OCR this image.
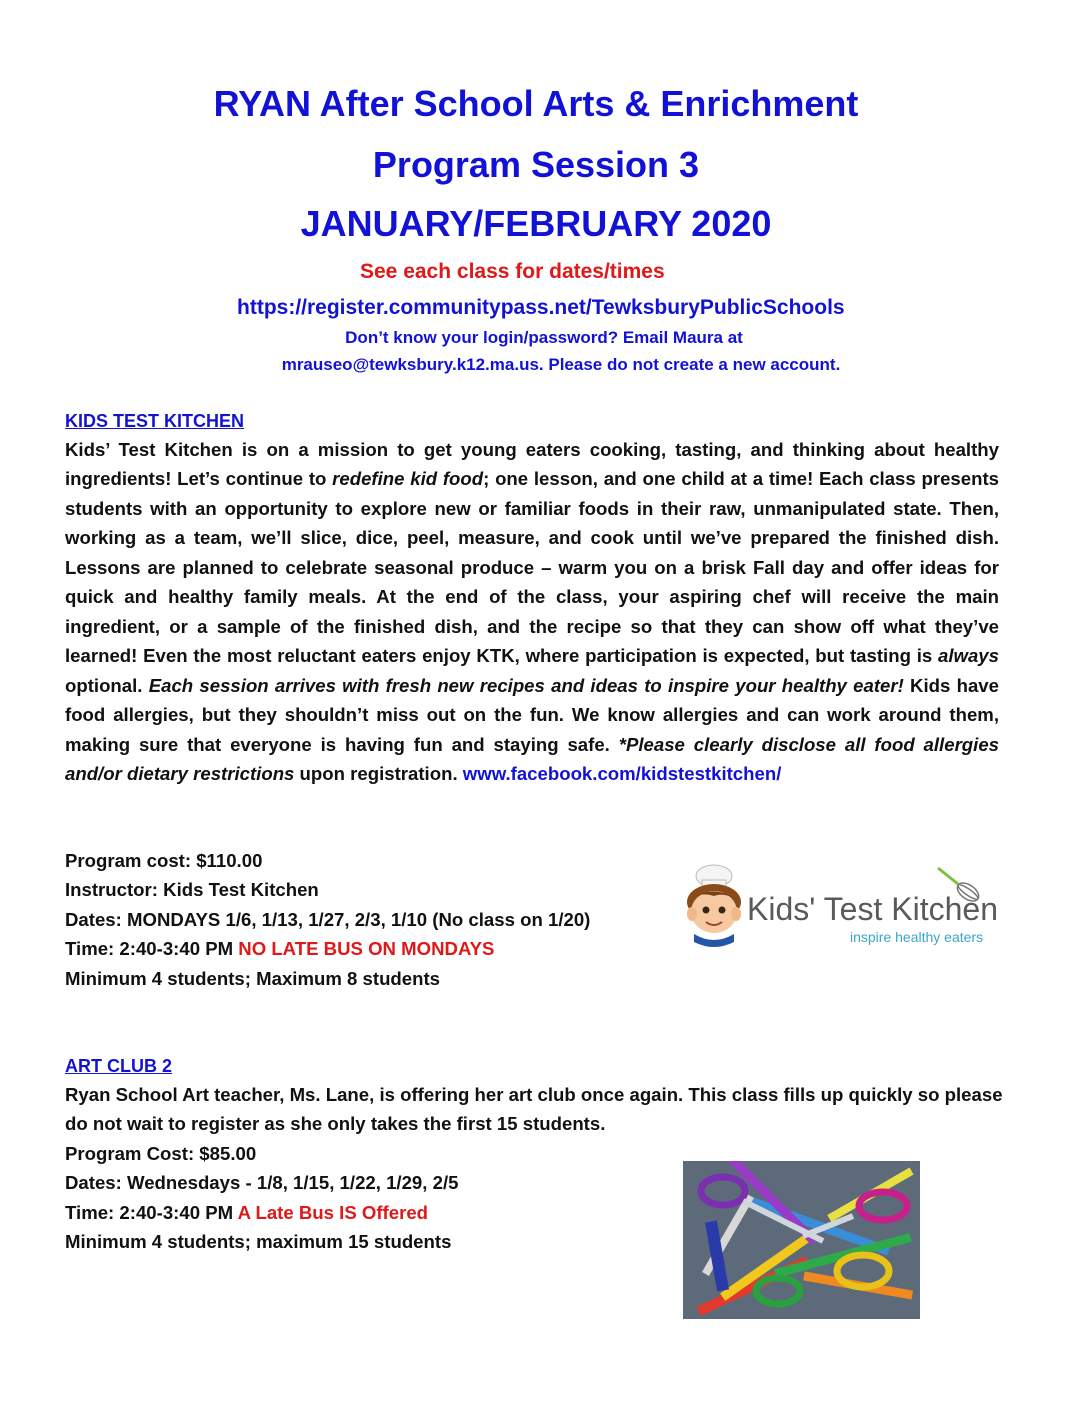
RYAN After School Arts & Enrichment
Program Session 3
JANUARY/FEBRUARY 2020
See each class for dates/times
https://register.communitypass.net/TewksburyPublicSchools
Don’t know your login/password? Email Maura at
mrauseo@tewksbury.k12.ma.us. Please do not create a new account.
KIDS TEST KITCHEN

Kids’ Test Kitchen is on a mission to get young eaters cooking, tasting, and thinking about healthy ingredients! Let’s continue to redefine kid food; one lesson, and one child at a time! Each class presents students with an opportunity to explore new or familiar foods in their raw, unmanipulated state. Then, working as a team, we’ll slice, dice, peel, measure, and cook until we’ve prepared the finished dish. Lessons are planned to celebrate seasonal produce – warm you on a brisk Fall day and offer ideas for quick and healthy family meals. At the end of the class, your aspiring chef will receive the main ingredient, or a sample of the finished dish, and the recipe so that they can show off what they’ve learned! Even the most reluctant eaters enjoy KTK, where participation is expected, but tasting is always optional. Each session arrives with fresh new recipes and ideas to inspire your healthy eater! Kids have food allergies, but they shouldn’t miss out on the fun. We know allergies and can work around them, making sure that everyone is having fun and staying safe. *Please clearly disclose all food allergies and/or dietary restrictions upon registration. www.facebook.com/kidstestkitchen/

Program cost: $110.00
Instructor: Kids Test Kitchen
Dates: MONDAYS 1/6, 1/13, 1/27, 2/3, 1/10 (No class on 1/20)
Time: 2:40-3:40 PM NO LATE BUS ON MONDAYS
Minimum 4 students; Maximum 8 students
Kids' Test Kitchen
inspire healthy eaters
ART CLUB 2

Ryan School Art teacher, Ms. Lane, is offering her art club once again. This class fills up quickly so please do not wait to register as she only takes the first 15 students.

Program Cost: $85.00
Dates: Wednesdays - 1/8, 1/15, 1/22, 1/29, 2/5
Time: 2:40-3:40 PM A Late Bus IS Offered
Minimum 4 students; maximum 15 students
